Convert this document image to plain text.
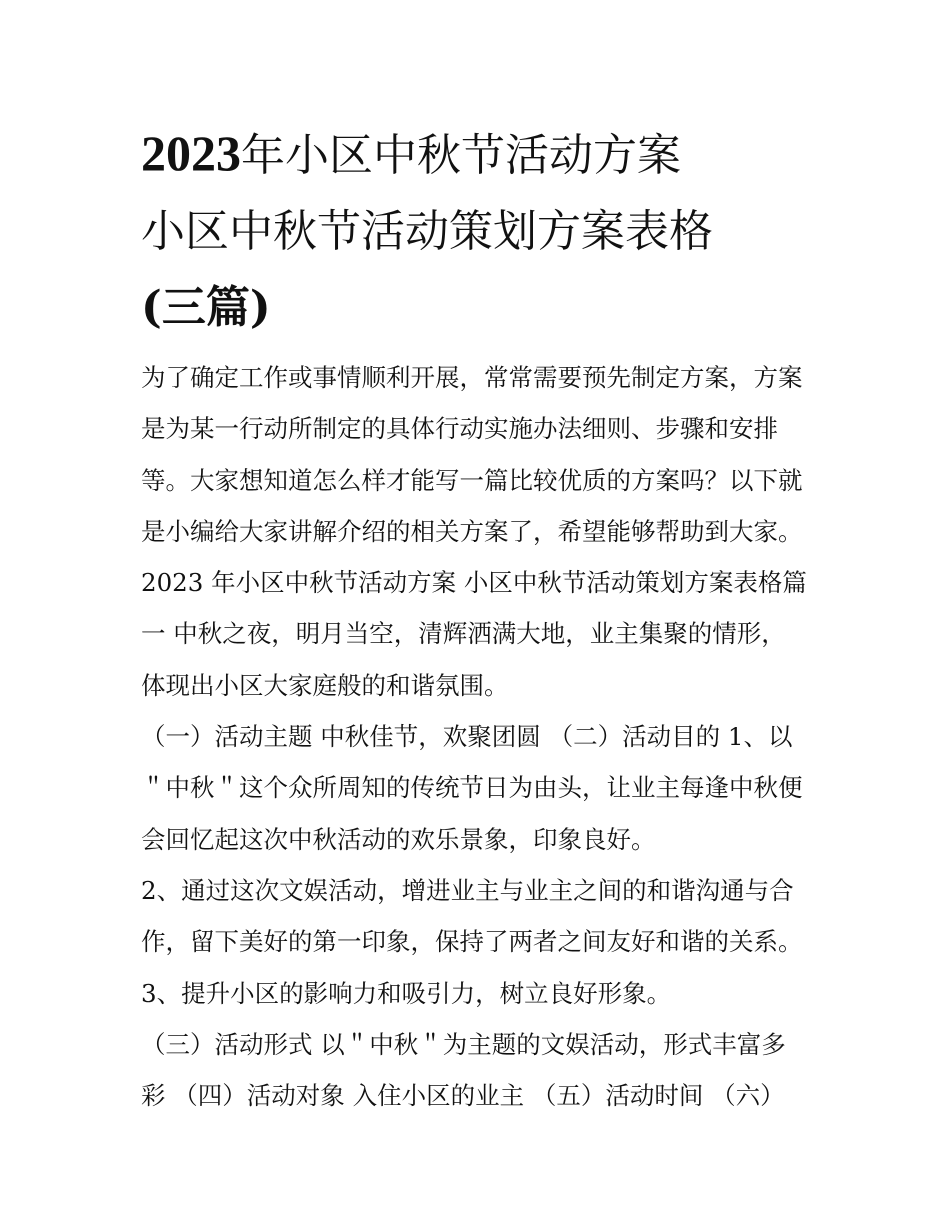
2023年小区中秋节活动方案
小区中秋节活动策划方案表格
(三篇)
为了确定工作或事情顺利开展，常常需要预先制定方案，方案
是为某一行动所制定的具体行动实施办法细则、步骤和安排
等。大家想知道怎么样才能写一篇比较优质的方案吗？以下就
是小编给大家讲解介绍的相关方案了，希望能够帮助到大家。
2023 年小区中秋节活动方案 小区中秋节活动策划方案表格篇
一 中秋之夜，明月当空，清辉洒满大地，业主集聚的情形，
体现出小区大家庭般的和谐氛围。
（一）活动主题 中秋佳节，欢聚团圆 （二）活动目的 1、以
＂中秋＂这个众所周知的传统节日为由头，让业主每逢中秋便
会回忆起这次中秋活动的欢乐景象，印象良好。
2、通过这次文娱活动，增进业主与业主之间的和谐沟通与合
作，留下美好的第一印象，保持了两者之间友好和谐的关系。
3、提升小区的影响力和吸引力，树立良好形象。
（三）活动形式 以＂中秋＂为主题的文娱活动，形式丰富多
彩 （四）活动对象 入住小区的业主 （五）活动时间 （六）
